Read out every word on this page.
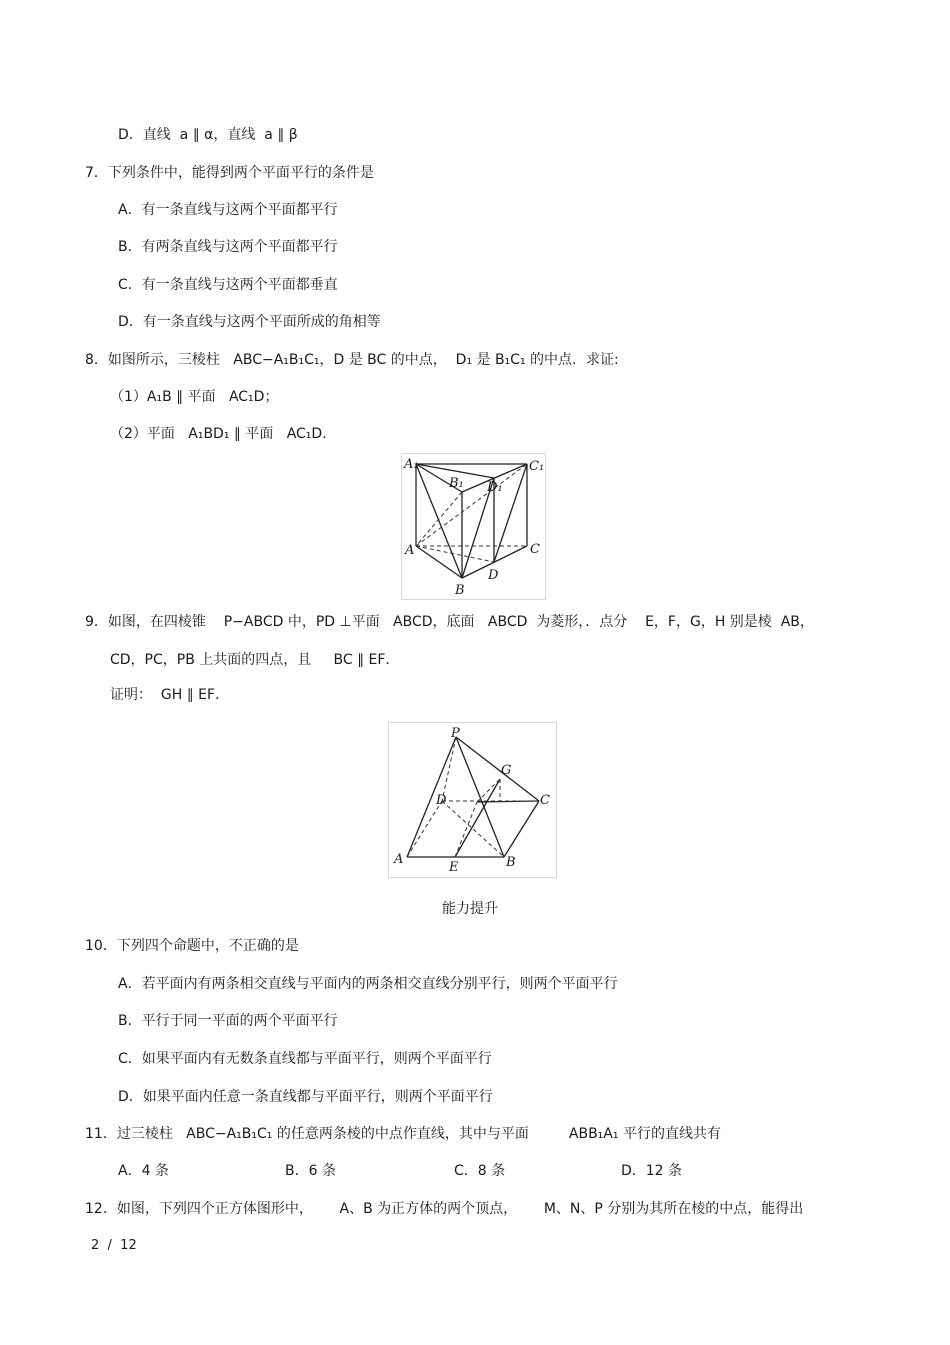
D．直线  a ∥ α，直线  a ∥ β
7．下列条件中，能得到两个平面平行的条件是
A．有一条直线与这两个平面都平行
B．有两条直线与这两个平面都平行
C．有一条直线与这两个平面都垂直
D．有一条直线与这两个平面所成的角相等
8．如图所示，三棱柱   ABC−A₁B₁C₁，D 是 BC 的中点，  D₁ 是 B₁C₁ 的中点．求证:
（1）A₁B ∥ 平面   AC₁D；
（2）平面   A₁BD₁ ∥ 平面   AC₁D．
A₁	C₁
B₁ D₁
A	C
B
D
9．如图，在四棱锥    P−ABCD 中，PD ⊥平面   ABCD，底面   ABCD  为菱形，．点分    E，F，G，H 别是棱  AB，
CD，PC，PB 上共面的四点，且     BC ∥ EF．
证明：  GH ∥ EF．
P
G
D	C
A
E	B
能力提升
10．下列四个命题中，不正确的是
A．若平面内有两条相交直线与平面内的两条相交直线分别平行，则两个平面平行
B．平行于同一平面的两个平面平行
C．如果平面内有无数条直线都与平面平行，则两个平面平行
D．如果平面内任意一条直线都与平面平行，则两个平面平行
11．过三棱柱   ABC−A₁B₁C₁ 的任意两条棱的中点作直线，其中与平面         ABB₁A₁ 平行的直线共有
A．4 条	B．6 条	C．8 条	D．12 条
12．如图，下列四个正方体图形中，      A、B 为正方体的两个顶点，      M、N、P 分别为其所在棱的中点，能得出
2  /  12
